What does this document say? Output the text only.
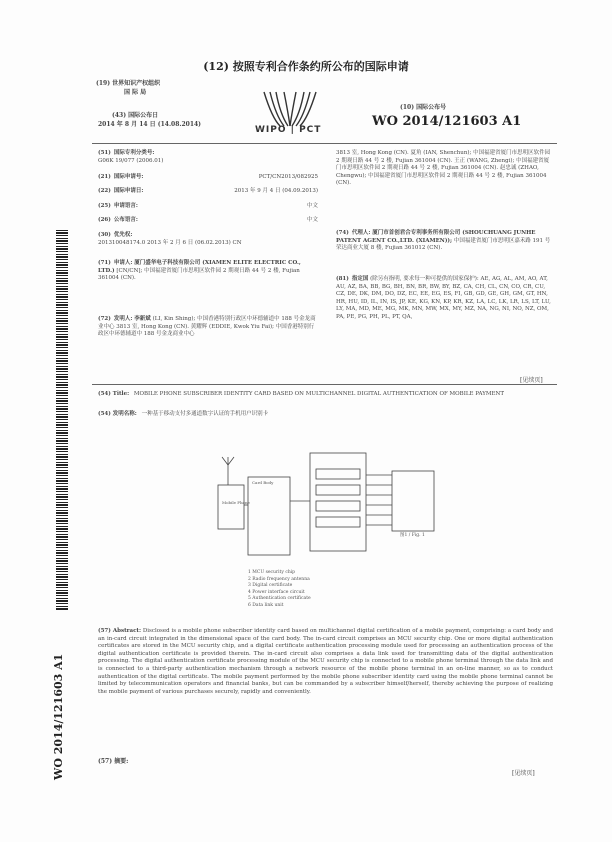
(12) 按照专利合作条约所公布的国际申请
(19) 世界知识产权组织
国 际 局
(43) 国际公布日
2014 年 8 月 14 日 (14.08.2014)
WIPO | PCT
(10) 国际公布号
WO 2014/121603 A1
(51) 国际专利分类号:
G06K 19/077 (2006.01)
(21) 国际申请号:	PCT/CN2013/082925
(22) 国际申请日:	2013 年 9 月 4 日 (04.09.2013)
(25) 申请语言:	中文
(26) 公布语言:	中文
(30) 优先权:
201310048174.0 2013 年 2 月 6 日 (06.02.2013) CN
(71) 申请人: 厦门盛华电子科技有限公司 (XIAMEN ELITE ELECTRIC CO., LTD.) [CN/CN]; 中国福建省厦门市思明区软件园 2 期观日路 44 号 2 楼, Fujian 361004 (CN).
(72) 发明人: 李新斌 (LI, Kin Shing); 中国香港特别行政区中环德辅道中 188 号金龙商业中心 3813 室, Hong Kong (CN). 黄耀辉 (EDDIE, Kwok Yiu Fai); 中国香港特别行政区中环德辅道中 188 号金龙商业中心
3813 室, Hong Kong (CN). 夏角 (IAN, Shenchun); 中国福建省厦门市思明区软件园 2 期观日路 44 号 2 楼, Fujian 361004 (CN). 王正 (WANG, Zhengi); 中国福建省厦门市思明区软件园 2 期观日路 44 号 2 楼, Fujian 361004 (CN). 赵忠诚 (ZHAO, Chengwu); 中国福建省厦门市思明区软件园 2 期观日路 44 号 2 楼, Fujian 361004 (CN).
(74) 代理人: 厦门市首创君合专利事务所有限公司 (SHOUCHUANG JUNHE PATENT AGENT CO.,LTD. (XIAMEN)); 中国福建省厦门市思明区嘉禾路 191 号荣达商业大厦 8 楼, Fujian 361012 (CN).
(81) 指定国 (除另有指明, 要求每一种可提供的国家保护): AE, AG, AL, AM, AO, AT, AU, AZ, BA, BB, BG, BH, BN, BR, BW, BY, BZ, CA, CH, CL, CN, CO, CR, CU, CZ, DE, DK, DM, DO, DZ, EC, EE, EG, ES, FI, GB, GD, GE, GH, GM, GT, HN, HR, HU, ID, IL, IN, IS, JP, KE, KG, KN, KP, KR, KZ, LA, LC, LK, LR, LS, LT, LU, LY, MA, MD, ME, MG, MK, MN, MW, MX, MY, MZ, NA, NG, NI, NO, NZ, OM, PA, PE, PG, PH, PL, PT, QA,
[见续页]
(54) Title: MOBILE PHONE SUBSCRIBER IDENTITY CARD BASED ON MULTICHANNEL DIGITAL AUTHENTICATION OF MOBILE PAYMENT
(54) 发明名称: 一种基于移动支付多通道数字认证的手机用户识别卡
Mobile Phone
Card Body
图1 / Fig. 1
1 MCU security chip
2 Radio frequency antenna
3 Digital certificate
4 Power interface circuit
5 Authentication certificate
6 Data link unit
(57) Abstract: Disclosed is a mobile phone subscriber identity card based on multichannel digital certification of a mobile payment, comprising: a card body and an in-card circuit integrated in the dimensional space of the card body. The in-card circuit comprises an MCU security chip. One or more digital authentication certificates are stored in the MCU security chip, and a digital certificate authentication processing module used for processing an authentication process of the digital authentication certificate is provided therein. The in-card circuit also comprises a data link used for transmitting data of the digital authentication processing. The digital authentication certificate processing module of the MCU security chip is connected to a mobile phone terminal through the data link and is connected to a third-party authentication mechanism through a network resource of the mobile phone terminal in an on-line manner, so as to conduct authentication of the digital certificate. The mobile payment performed by the mobile phone subscriber identity card using the mobile phone terminal cannot be limited by telecommunication operators and financial banks, but can be commanded by a subscriber himself/herself, thereby achieving the purpose of realizing the mobile payment of various purchases securely, rapidly and conveniently.
(57) 摘要:
[见续页]
WO 2014/121603 A1
